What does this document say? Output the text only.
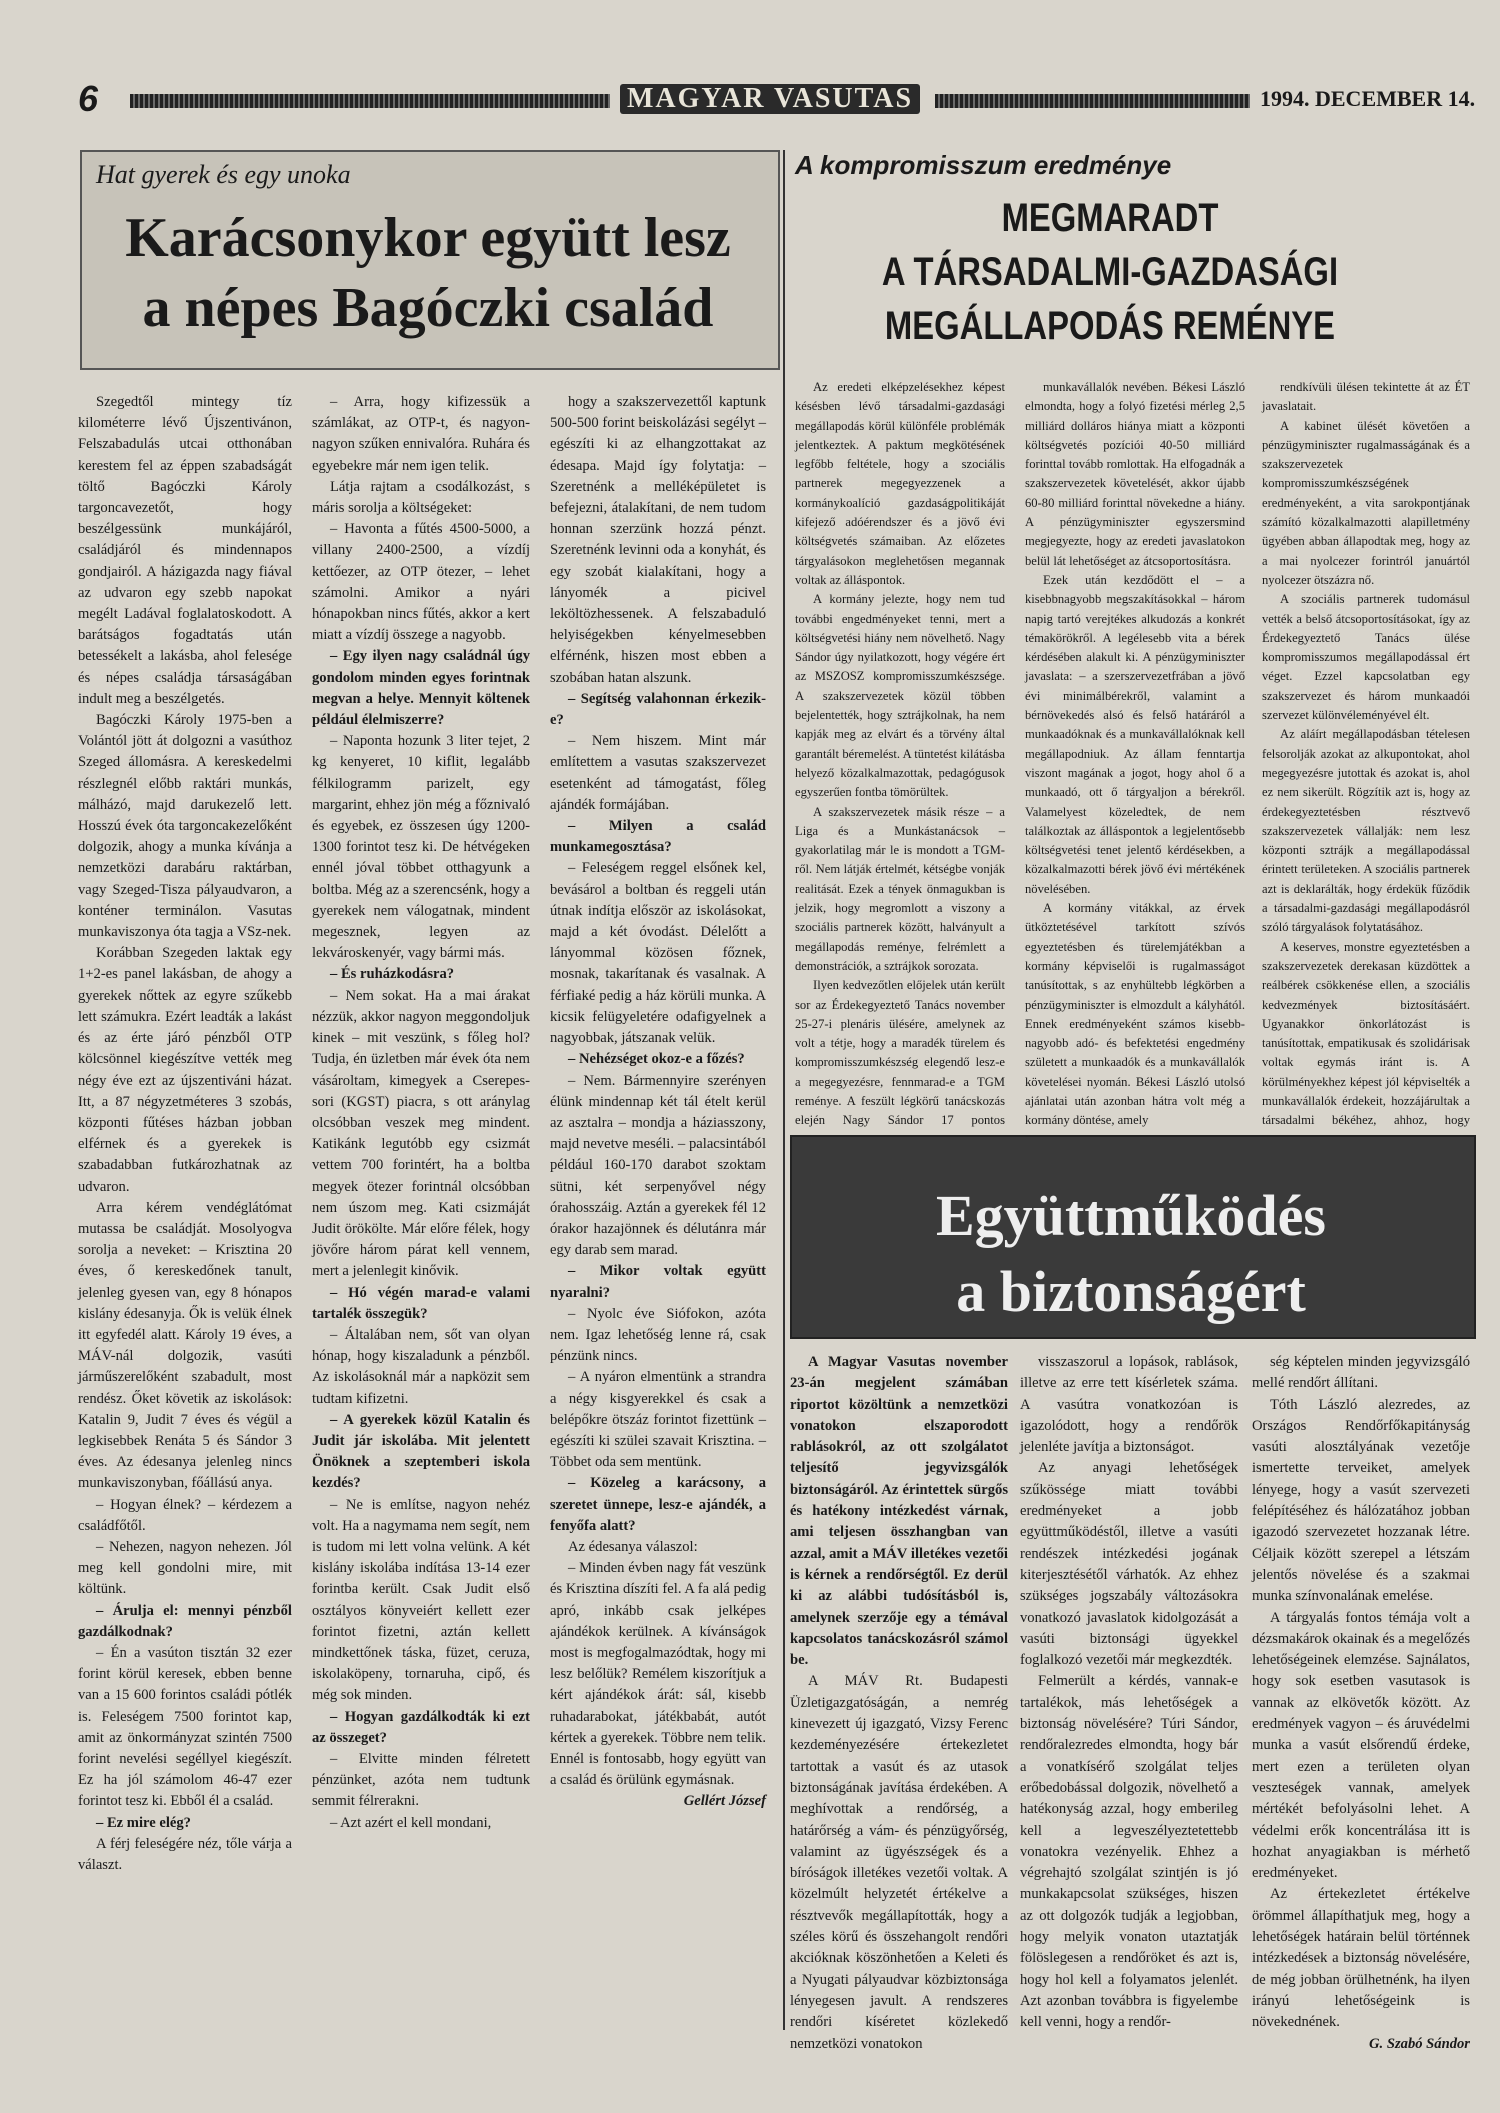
6	MAGYAR VASUTAS	1994. DECEMBER 14.
Hat gyerek és egy unoka
Karácsonykor együtt lesz
a népes Bagóczki család
A kompromisszum eredménye
MEGMARADT
A TÁRSADALMI-GAZDASÁGI
MEGÁLLAPODÁS REMÉNYE

Szegedtől mintegy tíz kilométerre lévő Újszentivánon, Felszabadulás utcai otthonában kerestem fel az éppen szabadságát töltő Bagóczki Károly targoncavezetőt, hogy beszélgessünk munkájáról, családjáról és mindennapos gondjairól. A házigazda nagy fiával az udvaron egy szebb napokat megélt Ladával foglalatoskodott. A barátságos fogadtatás után betessékelt a lakásba, ahol felesége és népes családja társaságában indult meg a beszélgetés.

Bagóczki Károly 1975-ben a Volántól jött át dolgozni a vasúthoz Szeged állomásra. A kereskedelmi részlegnél előbb raktári munkás, málházó, majd darukezelő lett. Hosszú évek óta targoncakezelőként dolgozik, ahogy a munka kívánja a nemzetközi darabáru raktárban, vagy Szeged-Tisza pályaudvaron, a konténer terminálon. Vasutas munkaviszonya óta tagja a VSz-nek.

Korábban Szegeden laktak egy 1+2-es panel lakásban, de ahogy a gyerekek nőttek az egyre szűkebb lett számukra. Ezért leadták a lakást és az érte járó pénzből OTP kölcsönnel kiegészítve vették meg négy éve ezt az újszentiváni házat. Itt, a 87 négyzetméteres 3 szobás, központi fűtéses házban jobban elférnek és a gyerekek is szabadabban futkározhatnak az udvaron.

Arra kérem vendéglátómat mutassa be családját. Mosolyogva sorolja a neveket: – Krisztina 20 éves, ő kereskedőnek tanult, jelenleg gyesen van, egy 8 hónapos kislány édesanyja. Ők is velük élnek itt egyfedél alatt. Károly 19 éves, a MÁV-nál dolgozik, vasúti járműszerelőként szabadult, most rendész. Őket követik az iskolások: Katalin 9, Judit 7 éves és végül a legkisebbek Renáta 5 és Sándor 3 éves. Az édesanya jelenleg nincs munkaviszonyban, főállású anya.

– Hogyan élnek? – kérdezem a családfőtől.

– Nehezen, nagyon nehezen. Jól meg kell gondolni mire, mit költünk.

– Árulja el: mennyi pénzből gazdálkodnak?

– Én a vasúton tisztán 32 ezer forint körül keresek, ebben benne van a 15 600 forintos családi pótlék is. Feleségem 7500 forintot kap, amit az önkormányzat szintén 7500 forint nevelési segéllyel kiegészít. Ez ha jól számolom 46-47 ezer forintot tesz ki. Ebből él a család.

– Ez mire elég?

A férj feleségére néz, tőle várja a választ.

– Arra, hogy kifizessük a számlákat, az OTP-t, és nagyon-nagyon szűken ennivalóra. Ruhára és egyebekre már nem igen telik.

Látja rajtam a csodálkozást, s máris sorolja a költségeket:

– Havonta a fűtés 4500-5000, a villany 2400-2500, a vízdíj kettőezer, az OTP ötezer, – lehet számolni. Amikor a nyári hónapokban nincs fűtés, akkor a kert miatt a vízdíj összege a nagyobb.

– Egy ilyen nagy családnál úgy gondolom minden egyes forintnak megvan a helye. Mennyit költenek például élelmiszerre?

– Naponta hozunk 3 liter tejet, 2 kg kenyeret, 10 kiflit, legalább félkilogramm parizelt, egy margarint, ehhez jön még a főznivaló és egyebek, ez összesen úgy 1200-1300 forintot tesz ki. De hétvégeken ennél jóval többet otthagyunk a boltba. Még az a szerencsénk, hogy a gyerekek nem válogatnak, mindent megesznek, legyen az lekvároskenyér, vagy bármi más.

– És ruházkodásra?

– Nem sokat. Ha a mai árakat nézzük, akkor nagyon meggondoljuk kinek – mit veszünk, s főleg hol? Tudja, én üzletben már évek óta nem vásároltam, kimegyek a Cserepes-sori (KGST) piacra, s ott aránylag olcsóbban veszek meg mindent. Katikánk legutóbb egy csizmát vettem 700 forintért, ha a boltba megyek ötezer forintnál olcsóbban nem úszom meg. Kati csizmáját Judit örökölte. Már előre félek, hogy jövőre három párat kell vennem, mert a jelenlegit kinővik.

– Hó végén marad-e valami tartalék összegük?

– Általában nem, sőt van olyan hónap, hogy kiszaladunk a pénzből. Az iskolásoknál már a napközit sem tudtam kifizetni.

– A gyerekek közül Katalin és Judit jár iskolába. Mit jelentett Önöknek a szeptemberi iskola kezdés?

– Ne is említse, nagyon nehéz volt. Ha a nagymama nem segít, nem is tudom mi lett volna velünk. A két kislány iskolába indítása 13-14 ezer forintba került. Csak Judit első osztályos könyveiért kellett ezer forintot fizetni, aztán kellett mindkettőnek táska, füzet, ceruza, iskolaköpeny, tornaruha, cipő, és még sok minden.

– Hogyan gazdálkodták ki ezt az összeget?

– Elvitte minden félretett pénzünket, azóta nem tudtunk semmit félrerakni.

– Azt azért el kell mondani,

hogy a szakszervezettől kaptunk 500-500 forint beiskolázási segélyt – egészíti ki az elhangzottakat az édesapa. Majd így folytatja: – Szeretnénk a melléképületet is befejezni, átalakítani, de nem tudom honnan szerzünk hozzá pénzt. Szeretnénk levinni oda a konyhát, és egy szobát kialakítani, hogy a lányomék a picivel leköltözhessenek. A felszabaduló helyiségekben kényelmesebben elférnénk, hiszen most ebben a szobában hatan alszunk.

– Segítség valahonnan érkezik-e?

– Nem hiszem. Mint már említettem a vasutas szakszervezet esetenként ad támogatást, főleg ajándék formájában.

– Milyen a család munkamegosztása?

– Feleségem reggel elsőnek kel, bevásárol a boltban és reggeli után útnak indítja először az iskolásokat, majd a két óvodást. Délelőtt a lányommal közösen főznek, mosnak, takarítanak és vasalnak. A férfiaké pedig a ház körüli munka. A kicsik felügyeletére odafigyelnek a nagyobbak, játszanak velük.

– Nehézséget okoz-e a főzés?

– Nem. Bármennyire szerényen élünk mindennap két tál ételt kerül az asztalra – mondja a háziasszony, majd nevetve meséli. – palacsintából például 160-170 darabot szoktam sütni, két serpenyővel négy órahosszáig. Aztán a gyerekek fél 12 órakor hazajönnek és délutánra már egy darab sem marad.

– Mikor voltak együtt nyaralni?

– Nyolc éve Siófokon, azóta nem. Igaz lehetőség lenne rá, csak pénzünk nincs.

– A nyáron elmentünk a strandra a négy kisgyerekkel és csak a belépőkre ötszáz forintot fizettünk – egészíti ki szülei szavait Krisztina. – Többet oda sem mentünk.

– Közeleg a karácsony, a szeretet ünnepe, lesz-e ajándék, a fenyőfa alatt?

Az édesanya válaszol:

– Minden évben nagy fát veszünk és Krisztina díszíti fel. A fa alá pedig apró, inkább csak jelképes ajándékok kerülnek. A kívánságok most is megfogalmazódtak, hogy mi lesz belőlük? Remélem kiszorítjuk a kért ajándékok árát: sál, kisebb ruhadarabokat, játékbabát, autót kértek a gyerekek. Többre nem telik. Ennél is fontosabb, hogy együtt van a család és örülünk egymásnak.

Gellért József

Az eredeti elképzelésekhez képest késésben lévő társadalmi-gazdasági megállapodás körül különféle problémák jelentkeztek. A paktum megkötésének legfőbb feltétele, hogy a szociális partnerek megegyezzenek a kormánykoalíció gazdaságpolitikáját kifejező adóérendszer és a jövő évi költségvetés számaiban. Az előzetes tárgyalásokon meglehetősen megannak voltak az álláspontok.

A kormány jelezte, hogy nem tud további engedményeket tenni, mert a költségvetési hiány nem növelhető. Nagy Sándor úgy nyilatkozott, hogy végére ért az MSZOSZ kompromisszumkészsége. A szakszervezetek közül többen bejelentették, hogy sztrájkolnak, ha nem kapják meg az elvárt és a törvény által garantált béremelést. A tüntetést kilátásba helyező közalkalmazottak, pedagógusok egyszerűen fontba tömörültek.

A szakszervezetek másik része – a Liga és a Munkástanácsok – gyakorlatilag már le is mondott a TGM-ről. Nem látják értelmét, kétségbe vonják realitását. Ezek a tények önmagukban is jelzik, hogy megromlott a viszony a szociális partnerek között, halványult a megállapodás reménye, felrémlett a demonstrációk, a sztrájkok sorozata.

Ilyen kedvezőtlen előjelek után került sor az Érdekegyeztető Tanács november 25-27-i plenáris ülésére, amelynek az volt a tétje, hogy a maradék türelem és kompromisszumkészség elegendő lesz-e a megegyezésre, fennmarad-e a TGM reménye. A feszült légkörű tanácskozás elején Nagy Sándor 17 pontos

munkavállalók nevében. Békesi László elmondta, hogy a folyó fizetési mérleg 2,5 milliárd dolláros hiánya miatt a központi költségvetés pozíciói 40-50 milliárd forinttal tovább romlottak. Ha elfogadnák a szakszervezetek követelését, akkor újabb 60-80 milliárd forinttal növekedne a hiány. A pénzügyminiszter egyszersmind megjegyezte, hogy az eredeti javaslatokon belül lát lehetőséget az átcsoportosításra.

Ezek után kezdődött el – a kisebbnagyobb megszakításokkal – három napig tartó verejtékes alkudozás a konkrét témakörökről. A legélesebb vita a bérek kérdésében alakult ki. A pénzügyminiszter javaslata: – a szerszervezetfrában a jövő évi minimálbérekről, valamint a bérnövekedés alsó és felső határáról a munkaadóknak és a munkavállalóknak kell megállapodniuk. Az állam fenntartja viszont magának a jogot, hogy ahol ő a munkaadó, ott ő tárgyaljon a bérekről. Valamelyest közeledtek, de nem találkoztak az álláspontok a legjelentősebb költségvetési tenet jelentő kérdésekben, a közalkalmazotti bérek jövő évi mértékének növelésében.

A kormány vitákkal, az érvek ütköztetésével tarkított szívós egyeztetésben és türelemjátékban a kormány képviselői is rugalmasságot tanúsítottak, s az enyhültebb légkörben a pénzügyminiszter is elmozdult a kályhától. Ennek eredményeként számos kisebb-nagyobb adó- és befektetési engedmény született a munkaadók és a munkavállalók követelései nyomán. Békesi László utolsó ajánlatai után azonban hátra volt még a kormány döntése, amely

rendkívüli ülésen tekintette át az ÉT javaslatait.

A kabinet ülését követően a pénzügyminiszter rugalmasságának és a szakszervezetek kompromisszumkészségének eredményeként, a vita sarokpontjának számító közalkalmazotti alapilletmény ügyében abban állapodtak meg, hogy az a mai nyolcezer forintról januártól nyolcezer ötszázra nő.

A szociális partnerek tudomásul vették a belső átcsoportosításokat, így az Érdekegyeztető Tanács ülése kompromisszumos megállapodással ért véget. Ezzel kapcsolatban egy szakszervezet és három munkaadói szervezet különvéleményével élt.

Az aláírt megállapodásban tételesen felsorolják azokat az alkupontokat, ahol megegyezésre jutottak és azokat is, ahol ez nem sikerült. Rögzítik azt is, hogy az érdekegyeztetésben résztvevő szakszervezetek vállalják: nem lesz központi sztrájk a megállapodással érintett területeken. A szociális partnerek azt is deklarálták, hogy érdekük fűződik a társadalmi-gazdasági megállapodásról szóló tárgyalások folytatásához.

A keserves, monstre egyeztetésben a szakszervezetek derekasan küzdöttek a reálbérek csökkenése ellen, a szociális kedvezmények biztosításáért. Ugyanakkor önkorlátozást is tanúsítottak, empatikusak és szolidárisak voltak egymás iránt is. A körülményekhez képest jól képviselték a munkavállalók érdekeit, hozzájárultak a társadalmi békéhez, ahhoz, hogy

Együttműködés
a biztonságért

A Magyar Vasutas november 23-án megjelent számában riportot közöltünk a nemzetközi vonatokon elszaporodott rablásokról, az ott szolgálatot teljesítő jegyvizsgálók biztonságáról. Az érintettek sürgős és hatékony intézkedést várnak, ami teljesen összhangban van azzal, amit a MÁV illetékes vezetői is kérnek a rendőrségtől. Ez derül ki az alábbi tudósításból is, amelynek szerzője egy a témával kapcsolatos tanácskozásról számol be.

A MÁV Rt. Budapesti Üzletigazgatóságán, a nemrég kinevezett új igazgató, Vizsy Ferenc kezdeményezésére értekezletet tartottak a vasút és az utasok biztonságának javítása érdekében. A meghívottak a rendőrség, a határőrség a vám- és pénzügyőrség, valamint az ügyészségek és a bíróságok illetékes vezetői voltak. A közelmúlt helyzetét értékelve a résztvevők megállapították, hogy a széles körű és összehangolt rendőri akcióknak köszönhetően a Keleti és a Nyugati pályaudvar közbiztonsága lényegesen javult. A rendszeres rendőri kíséretet közlekedő nemzetközi vonatokon

visszaszorul a lopások, rablások, illetve az erre tett kísérletek száma. A vasútra vonatkozóan is igazolódott, hogy a rendőrök jelenléte javítja a biztonságot.

Az anyagi lehetőségek szűkössége miatt további eredményeket a jobb együttműködéstől, illetve a vasúti rendészek intézkedési jogának kiterjesztésétől várhatók. Az ehhez szükséges jogszabály változásokra vonatkozó javaslatok kidolgozását a vasúti biztonsági ügyekkel foglalkozó vezetői már megkezdték.

Felmerült a kérdés, vannak-e tartalékok, más lehetőségek a biztonság növelésére? Túri Sándor, rendőralezredes elmondta, hogy bár a vonatkísérő szolgálat teljes erőbedobással dolgozik, növelhető a hatékonyság azzal, hogy emberileg kell a legveszélyeztetettebb vonatokra vezényelik. Ehhez a végrehajtó szolgálat szintjén is jó munkakapcsolat szükséges, hiszen az ott dolgozók tudják a legjobban, hogy melyik vonaton utaztatják fölöslegesen a rendőröket és azt is, hogy hol kell a folyamatos jelenlét. Azt azonban továbbra is figyelembe kell venni, hogy a rendőr-

ség képtelen minden jegyvizsgáló mellé rendőrt állítani.

Tóth László alezredes, az Országos Rendőrfőkapitányság vasúti alosztályának vezetője ismertette terveiket, amelyek lényege, hogy a vasút szervezeti felépítéséhez és hálózatához jobban igazodó szervezetet hozzanak létre. Céljaik között szerepel a létszám jelentős növelése és a szakmai munka színvonalának emelése.

A tárgyalás fontos témája volt a dézsmakárok okainak és a megelőzés lehetőségeinek elemzése. Sajnálatos, hogy sok esetben vasutasok is vannak az elkövetők között. Az eredmények vagyon – és áruvédelmi munka a vasút elsőrendű érdeke, mert ezen a területen olyan veszteségek vannak, amelyek mértékét befolyásolni lehet. A védelmi erők koncentrálása itt is hozhat anyagiakban is mérhető eredményeket.

Az értekezletet értékelve örömmel állapíthatjuk meg, hogy a lehetőségek határain belül történnek intézkedések a biztonság növelésére, de még jobban örülhetnénk, ha ilyen irányú lehetőségeink is növekednének.

G. Szabó Sándor
